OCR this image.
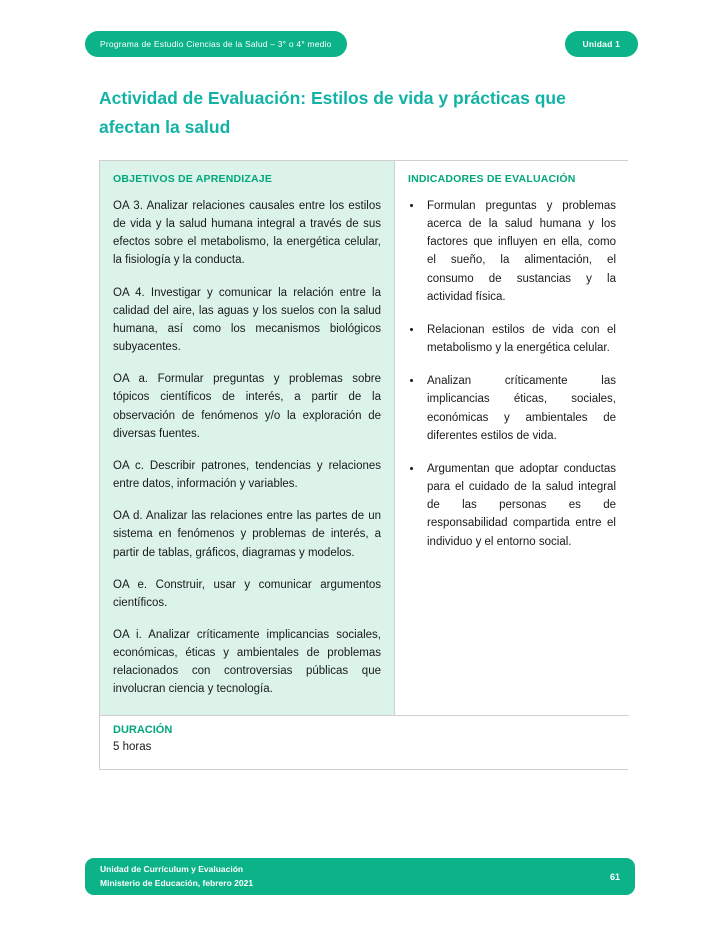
Programa de Estudio Ciencias de la Salud – 3° o 4° medio	Unidad 1
Actividad de Evaluación: Estilos de vida y prácticas que afectan la salud
OBJETIVOS DE APRENDIZAJE

OA 3. Analizar relaciones causales entre los estilos de vida y la salud humana integral a través de sus efectos sobre el metabolismo, la energética celular, la fisiología y la conducta.

OA 4. Investigar y comunicar la relación entre la calidad del aire, las aguas y los suelos con la salud humana, así como los mecanismos biológicos subyacentes.

OA a. Formular preguntas y problemas sobre tópicos científicos de interés, a partir de la observación de fenómenos y/o la exploración de diversas fuentes.

OA c. Describir patrones, tendencias y relaciones entre datos, información y variables.

OA d. Analizar las relaciones entre las partes de un sistema en fenómenos y problemas de interés, a partir de tablas, gráficos, diagramas y modelos.

OA e. Construir, usar y comunicar argumentos científicos.

OA i. Analizar críticamente implicancias sociales, económicas, éticas y ambientales de problemas relacionados con controversias públicas que involucran ciencia y tecnología.

INDICADORES DE EVALUACIÓN
• Formulan preguntas y problemas acerca de la salud humana y los factores que influyen en ella, como el sueño, la alimentación, el consumo de sustancias y la actividad física.
• Relacionan estilos de vida con el metabolismo y la energética celular.
• Analizan críticamente las implicancias éticas, sociales, económicas y ambientales de diferentes estilos de vida.
• Argumentan que adoptar conductas para el cuidado de la salud integral de las personas es de responsabilidad compartida entre el individuo y el entorno social.
DURACIÓN
5 horas
Unidad de Currículum y Evaluación
Ministerio de Educación, febrero 2021
61
